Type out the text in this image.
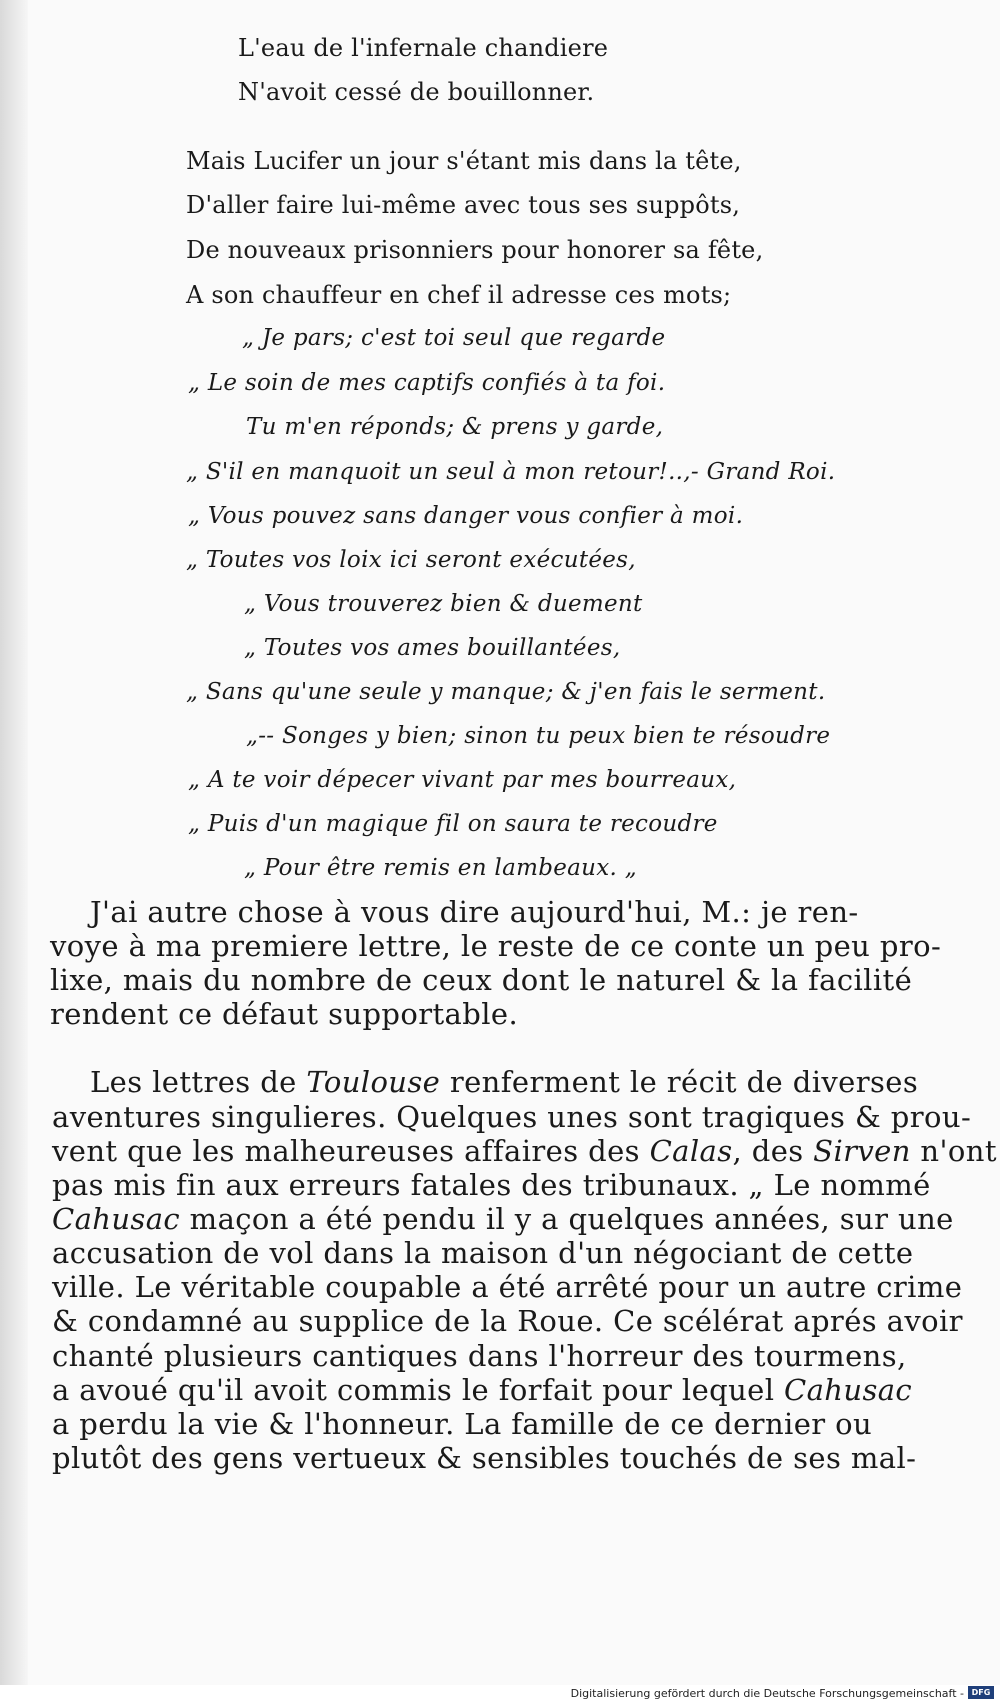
L'eau de l'infernale chandiere
N'avoit cessé de bouillonner.
Mais Lucifer un jour s'étant mis dans la tête,
D'aller faire lui-même avec tous ses suppôts,
De nouveaux prisonniers pour honorer sa fête,
A son chauffeur en chef il adresse ces mots;
„ Je pars; c'est toi seul que regarde
„ Le soin de mes captifs confiés à ta foi.
Tu m'en réponds; & prens y garde,
„ S'il en manquoit un seul à mon retour!..,- Grand Roi.
„ Vous pouvez sans danger vous confier à moi.
„ Toutes vos loix ici seront exécutées,
„ Vous trouverez bien & duement
„ Toutes vos ames bouillantées,
„ Sans qu'une seule y manque; & j'en fais le serment.
„-- Songes y bien; sinon tu peux bien te résoudre
„ A te voir dépecer vivant par mes bourreaux,
„ Puis d'un magique fil on saura te recoudre
„ Pour être remis en lambeaux. „
J'ai autre chose à vous dire aujourd'hui, M.: je ren-
voye à ma premiere lettre, le reste de ce conte un peu pro-
lixe, mais du nombre de ceux dont le naturel & la facilité
rendent ce défaut supportable.
Les lettres de Toulouse renferment le récit de diverses
aventures singulieres. Quelques unes sont tragiques & prou-
vent que les malheureuses affaires des Calas, des Sirven n'ont
pas mis fin aux erreurs fatales des tribunaux. „ Le nommé
Cahusac maçon a été pendu il y a quelques années, sur une
accusation de vol dans la maison d'un négociant de cette
ville. Le véritable coupable a été arrêté pour un autre crime
& condamné au supplice de la Roue. Ce scélérat aprés avoir
chanté plusieurs cantiques dans l'horreur des tourmens,
a avoué qu'il avoit commis le forfait pour lequel Cahusac
a perdu la vie & l'honneur. La famille de ce dernier ou
plutôt des gens vertueux & sensibles touchés de ses mal-
Digitalisierung gefördert durch die Deutsche Forschungsgemeinschaft - DFG
